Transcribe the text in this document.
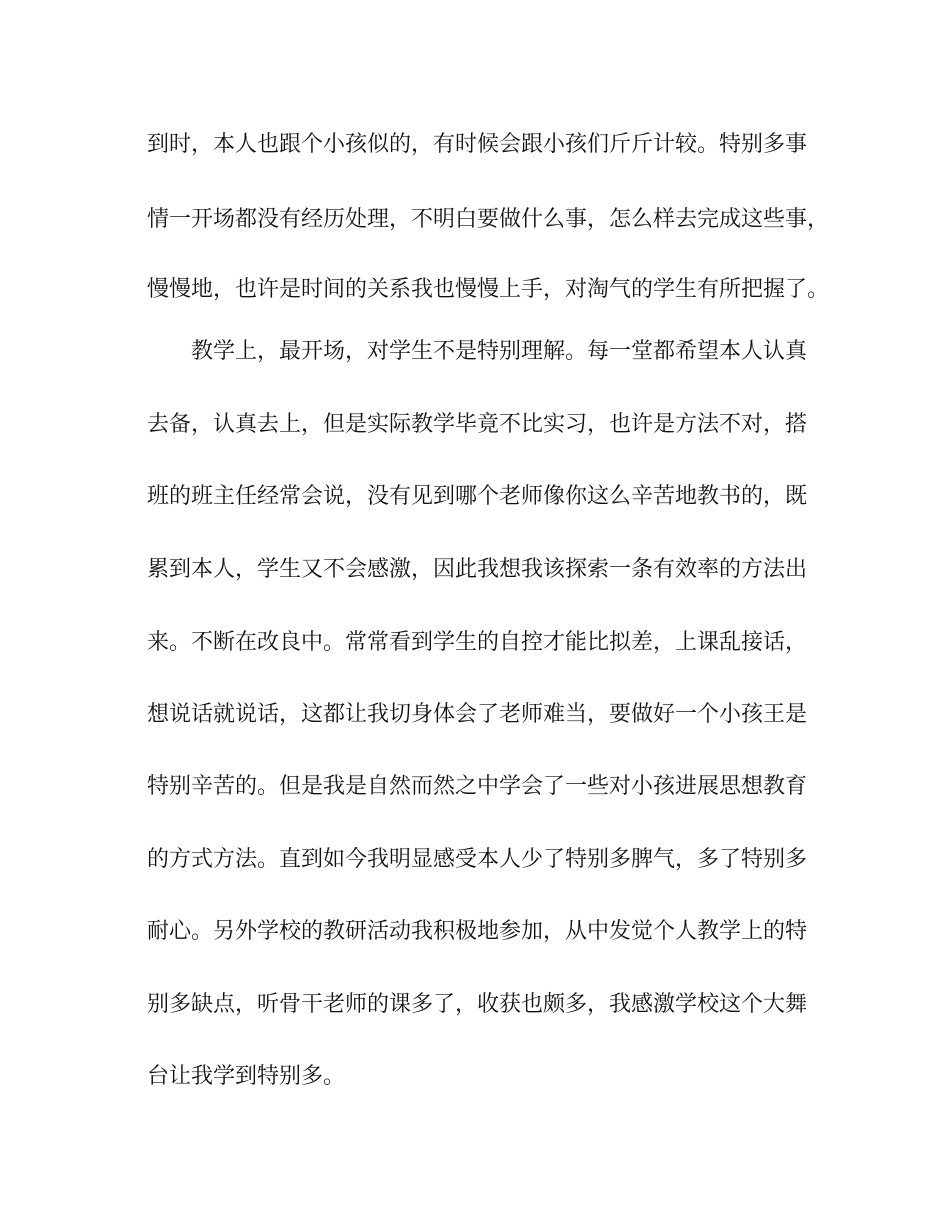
到时，本人也跟个小孩似的，有时候会跟小孩们斤斤计较。特别多事
情一开场都没有经历处理，不明白要做什么事，怎么样去完成这些事，
慢慢地，也许是时间的关系我也慢慢上手，对淘气的学生有所把握了。
教学上，最开场，对学生不是特别理解。每一堂都希望本人认真
去备，认真去上，但是实际教学毕竟不比实习，也许是方法不对，搭
班的班主任经常会说，没有见到哪个老师像你这么辛苦地教书的，既
累到本人，学生又不会感激，因此我想我该探索一条有效率的方法出
来。不断在改良中。常常看到学生的自控才能比拟差，上课乱接话，
想说话就说话，这都让我切身体会了老师难当，要做好一个小孩王是
特别辛苦的。但是我是自然而然之中学会了一些对小孩进展思想教育
的方式方法。直到如今我明显感受本人少了特别多脾气，多了特别多
耐心。另外学校的教研活动我积极地参加，从中发觉个人教学上的特
别多缺点，听骨干老师的课多了，收获也颇多，我感激学校这个大舞
台让我学到特别多。
